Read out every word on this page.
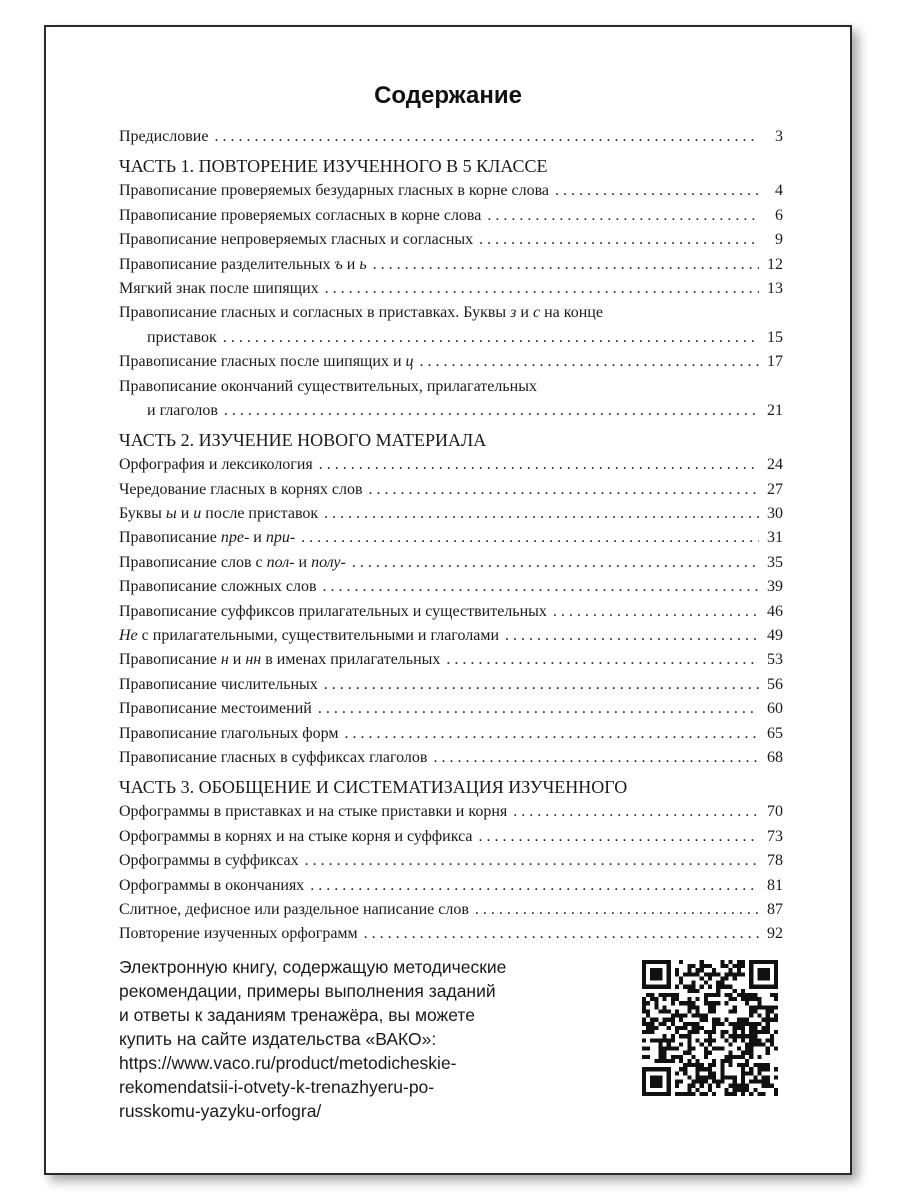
Содержание
Предисловие . . .	3
ЧАСТЬ 1. ПОВТОРЕНИЕ ИЗУЧЕННОГО В 5 КЛАССЕ
Правописание проверяемых безударных гласных в корне слова . . .	4
Правописание проверяемых согласных в корне слова . . .	6
Правописание непроверяемых гласных и согласных . . .	9
Правописание разделительных ъ и ь . . .	12
Мягкий знак после шипящих . . .	13
Правописание гласных и согласных в приставках. Буквы з и с на конце
приставок . . .	15
Правописание гласных после шипящих и ц . . .	17
Правописание окончаний существительных, прилагательных
и глаголов . . .	21
ЧАСТЬ 2. ИЗУЧЕНИЕ НОВОГО МАТЕРИАЛА
Орфография и лексикология . . .	24
Чередование гласных в корнях слов . . .	27
Буквы ы и и после приставок . . .	30
Правописание пре- и при- . . .	31
Правописание слов с пол- и полу- . . .	35
Правописание сложных слов . . .	39
Правописание суффиксов прилагательных и существительных . . .	46
Не с прилагательными, существительными и глаголами . . .	49
Правописание н и нн в именах прилагательных . . .	53
Правописание числительных . . .	56
Правописание местоимений . . .	60
Правописание глагольных форм . . .	65
Правописание гласных в суффиксах глаголов . . .	68
ЧАСТЬ 3. ОБОБЩЕНИЕ И СИСТЕМАТИЗАЦИЯ ИЗУЧЕННОГО
Орфограммы в приставках и на стыке приставки и корня . . .	70
Орфограммы в корнях и на стыке корня и суффикса . . .	73
Орфограммы в суффиксах . . .	78
Орфограммы в окончаниях . . .	81
Слитное, дефисное или раздельное написание слов . . .	87
Повторение изученных орфограмм . . .	92
Электронную книгу, содержащую методические
рекомендации, примеры выполнения заданий
и ответы к заданиям тренажёра, вы можете
купить на сайте издательства «ВАКО»:
https://www.vaco.ru/product/metodicheskie-
rekomendatsii-i-otvety-k-trenazhyeru-po-
russkomu-yazyku-orfogra/
